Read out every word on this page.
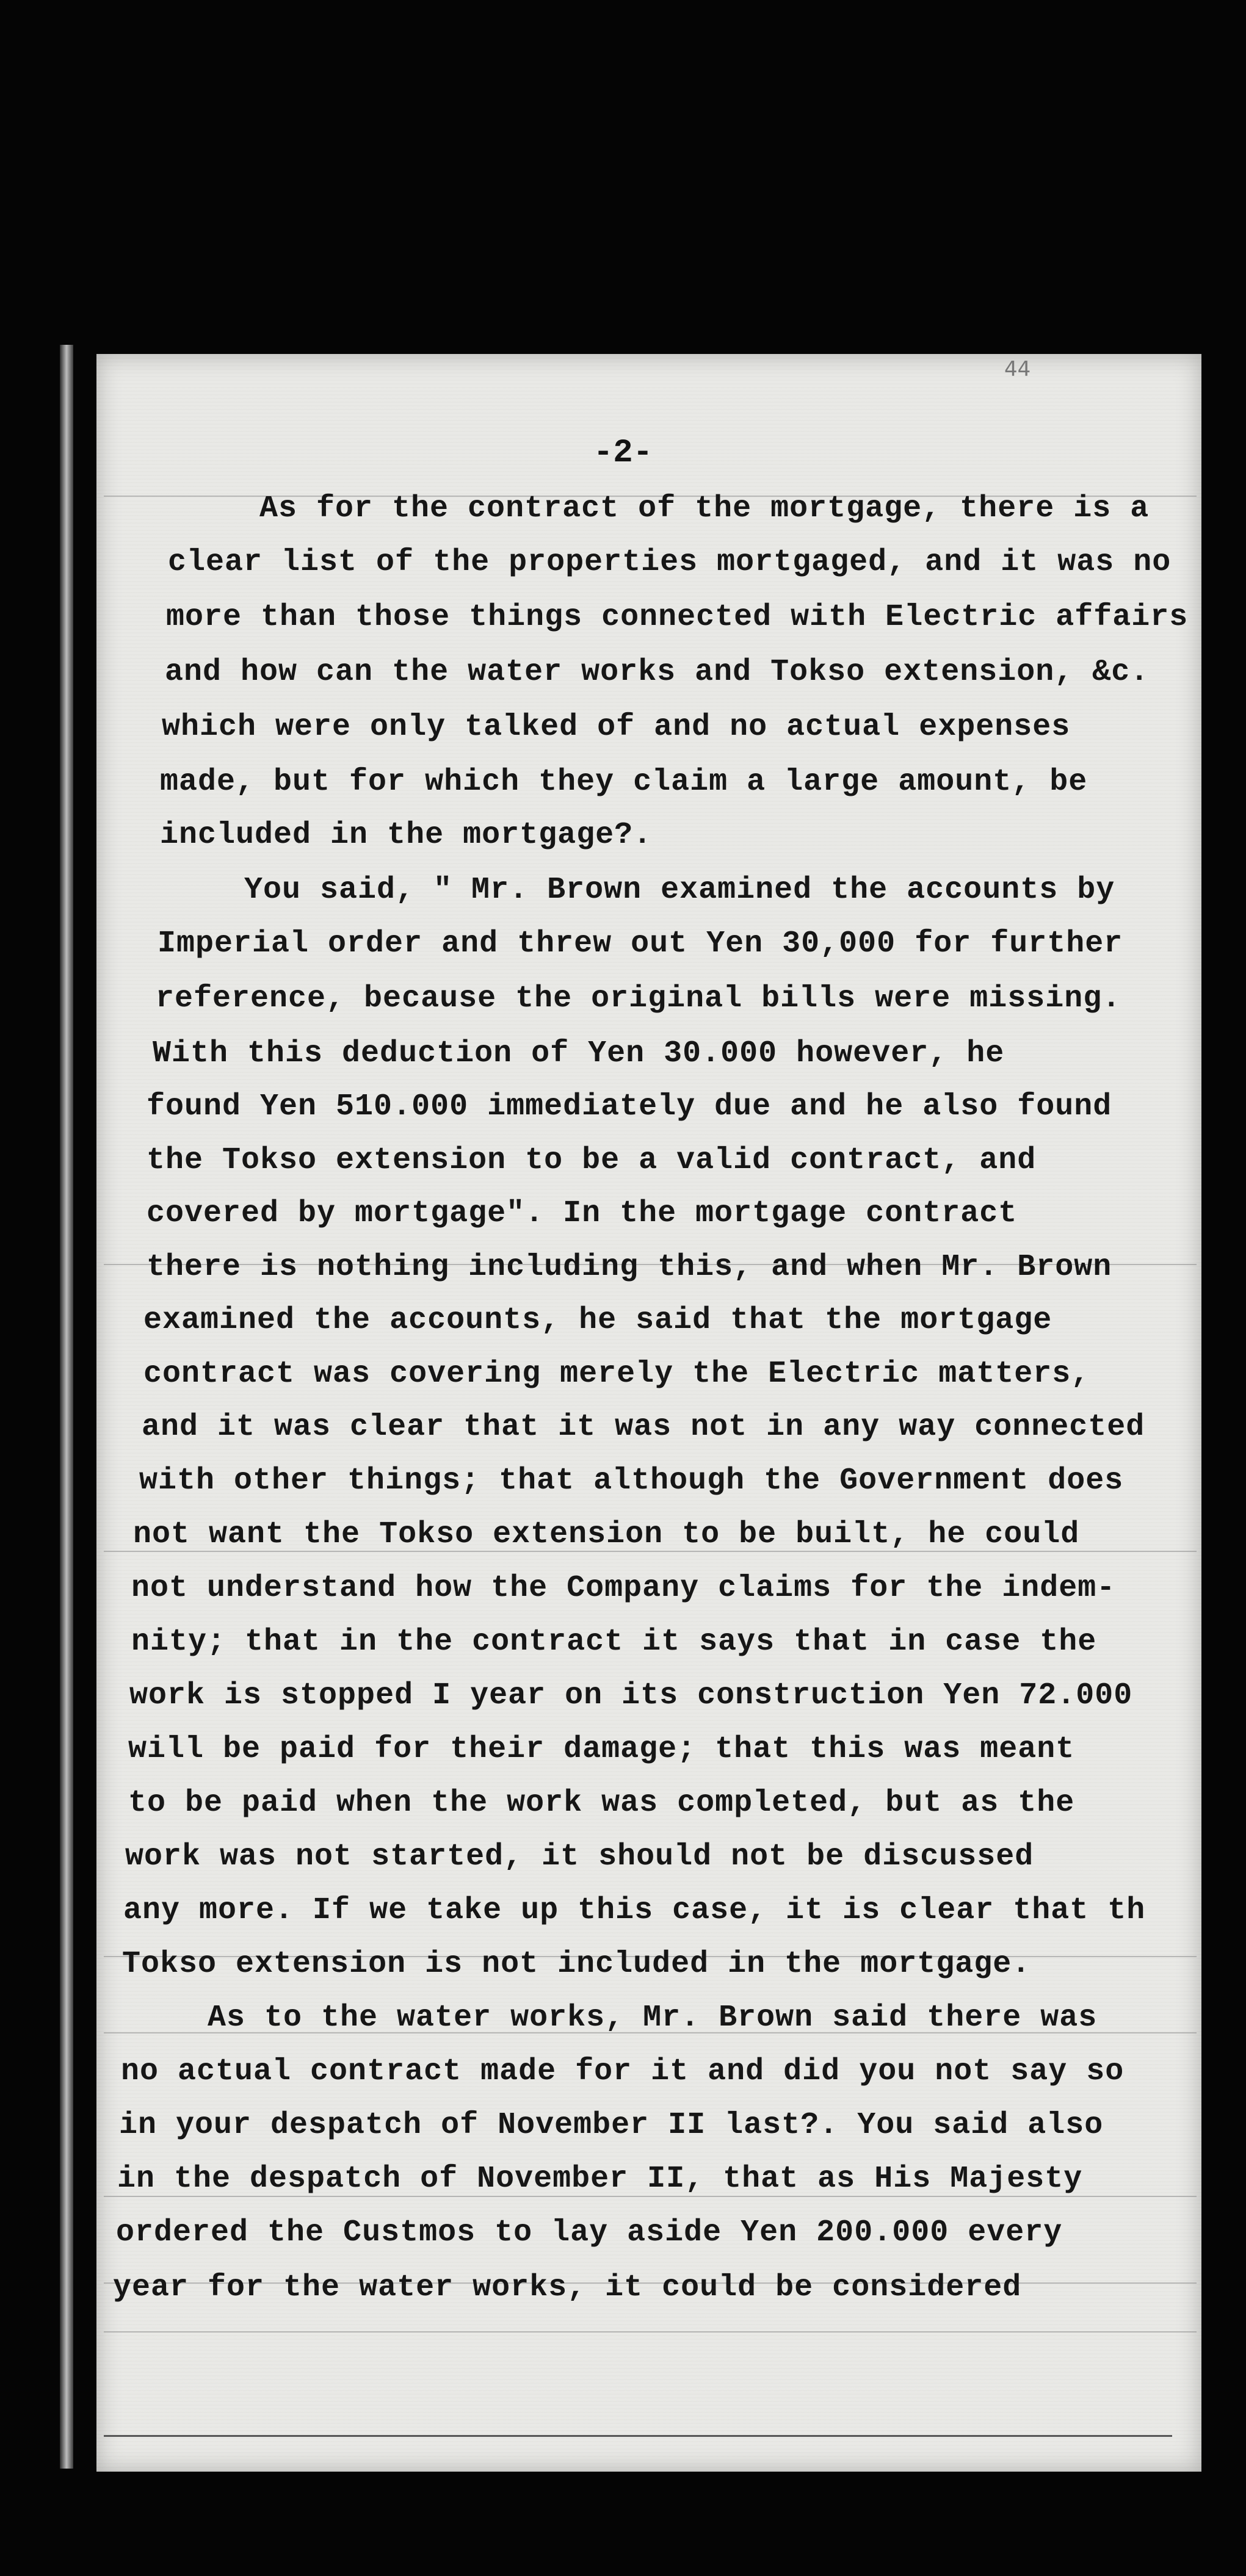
44
-2-
As for the contract of the mortgage, there is a
clear list of the properties mortgaged, and it was no
more than those things connected with Electric affairs
and how can the water works and Tokso extension, &c.
which were only talked of and no actual expenses
made, but for which they claim a large amount, be
included in the mortgage?.
You said, " Mr. Brown examined the accounts by
Imperial order and threw out Yen 30,000 for further
reference, because the original bills were missing.
With this deduction of Yen 30.000 however, he
found Yen 510.000 immediately due and he also found
the Tokso extension to be a valid contract, and
covered by mortgage". In the mortgage contract
there is nothing including this, and when Mr. Brown
examined the accounts, he said that the mortgage
contract was covering merely the Electric matters,
and it was clear that it was not in any way connected
with other things; that although the Government does
not want the Tokso extension to be built, he could
not understand how the Company claims for the indem-
nity; that in the contract it says that in case the
work is stopped I year on its construction Yen 72.000
will be paid for their damage; that this was meant
to be paid when the work was completed, but as the
work was not started, it should not be discussed
any more. If we take up this case, it is clear that th
Tokso extension is not included in the mortgage.
As to the water works, Mr. Brown said there was
no actual contract made for it and did you not say so
in your despatch of November II last?. You said also
in the despatch of November II, that as His Majesty
ordered the Custmos to lay aside Yen 200.000 every
year for the water works, it could be considered
